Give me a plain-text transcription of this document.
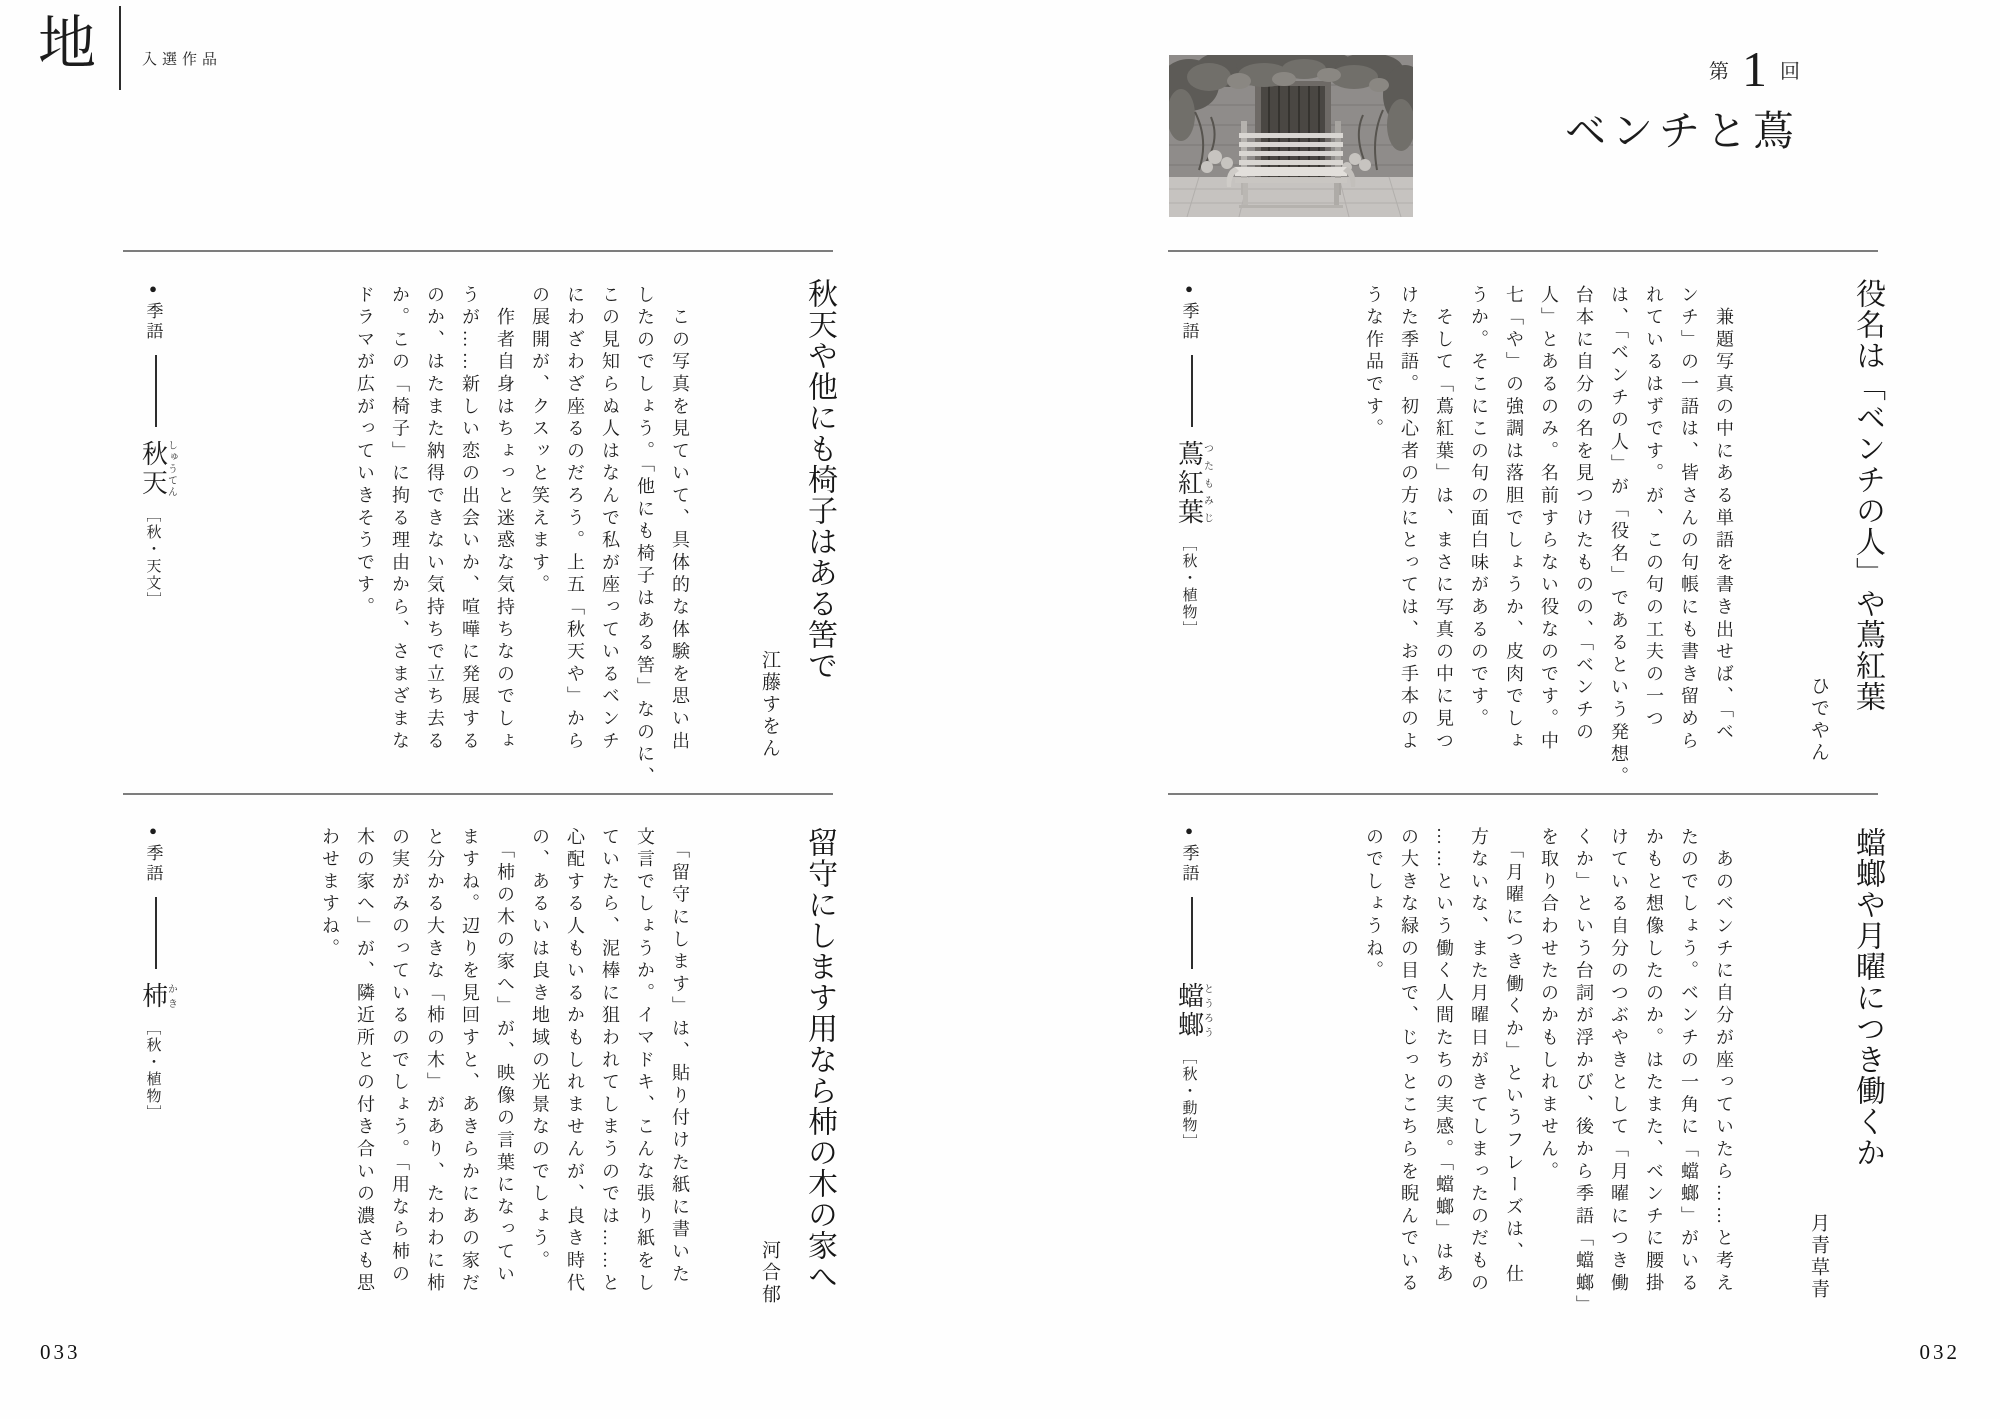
地	入選作品
第 1 回
ベンチと蔦
役名は「ベンチの人」や蔦紅葉
ひでやん
　兼題写真の中にある単語を書き出せば、「ベ
ンチ」の一語は、皆さんの句帳にも書き留めら
れているはずです。が、この句の工夫の一つ
は、「ベンチの人」が「役名」であるという発想。
台本に自分の名を見つけたものの、「ベンチの
人」とあるのみ。名前すらない役なのです。中
七「や」の強調は落胆でしょうか、皮肉でしょ
うか。そこにこの句の面白味があるのです。
　そして「蔦紅葉」は、まさに写真の中に見つ
けた季語。初心者の方にとっては、お手本のよ
うな作品です。
●季語蔦紅葉つたもみじ［秋・植物］
蟷螂や月曜につき働くか
月青草青
　あのベンチに自分が座っていたら……と考え
たのでしょう。ベンチの一角に「蟷螂」がいる
かもと想像したのか。はたまた、ベンチに腰掛
けている自分のつぶやきとして「月曜につき働
くか」という台詞が浮かび、後から季語「蟷螂」
を取り合わせたのかもしれません。
　「月曜につき働くか」というフレーズは、仕
方ないな、また月曜日がきてしまったのだもの
……という働く人間たちの実感。「蟷螂」はあ
の大きな緑の目で、じっとこちらを睨んでいる
のでしょうね。
●季語蟷螂とうろう［秋・動物］
秋天や他にも椅子はある筈で
江藤すをん
　この写真を見ていて、具体的な体験を思い出
したのでしょう。「他にも椅子はある筈」なのに、
この見知らぬ人はなんで私が座っているベンチ
にわざわざ座るのだろう。上五「秋天や」から
の展開が、クスッと笑えます。
　作者自身はちょっと迷惑な気持ちなのでしょ
うが……新しい恋の出会いか、喧嘩に発展する
のか、はたまた納得できない気持ちで立ち去る
か。この「椅子」に拘る理由から、さまざまな
ドラマが広がっていきそうです。
●季語秋天しゅうてん［秋・天文］
留守にします用なら柿の木の家へ
河合郁
　「留守にします」は、貼り付けた紙に書いた
文言でしょうか。イマドキ、こんな張り紙をし
ていたら、泥棒に狙われてしまうのでは……と
心配する人もいるかもしれませんが、良き時代
の、あるいは良き地域の光景なのでしょう。
　「柿の木の家へ」が、映像の言葉になってい
ますね。辺りを見回すと、あきらかにあの家だ
と分かる大きな「柿の木」があり、たわわに柿
の実がみのっているのでしょう。「用なら柿の
木の家へ」が、隣近所との付き合いの濃さも思
わせますね。
●季語柿かき［秋・植物］
033	032
